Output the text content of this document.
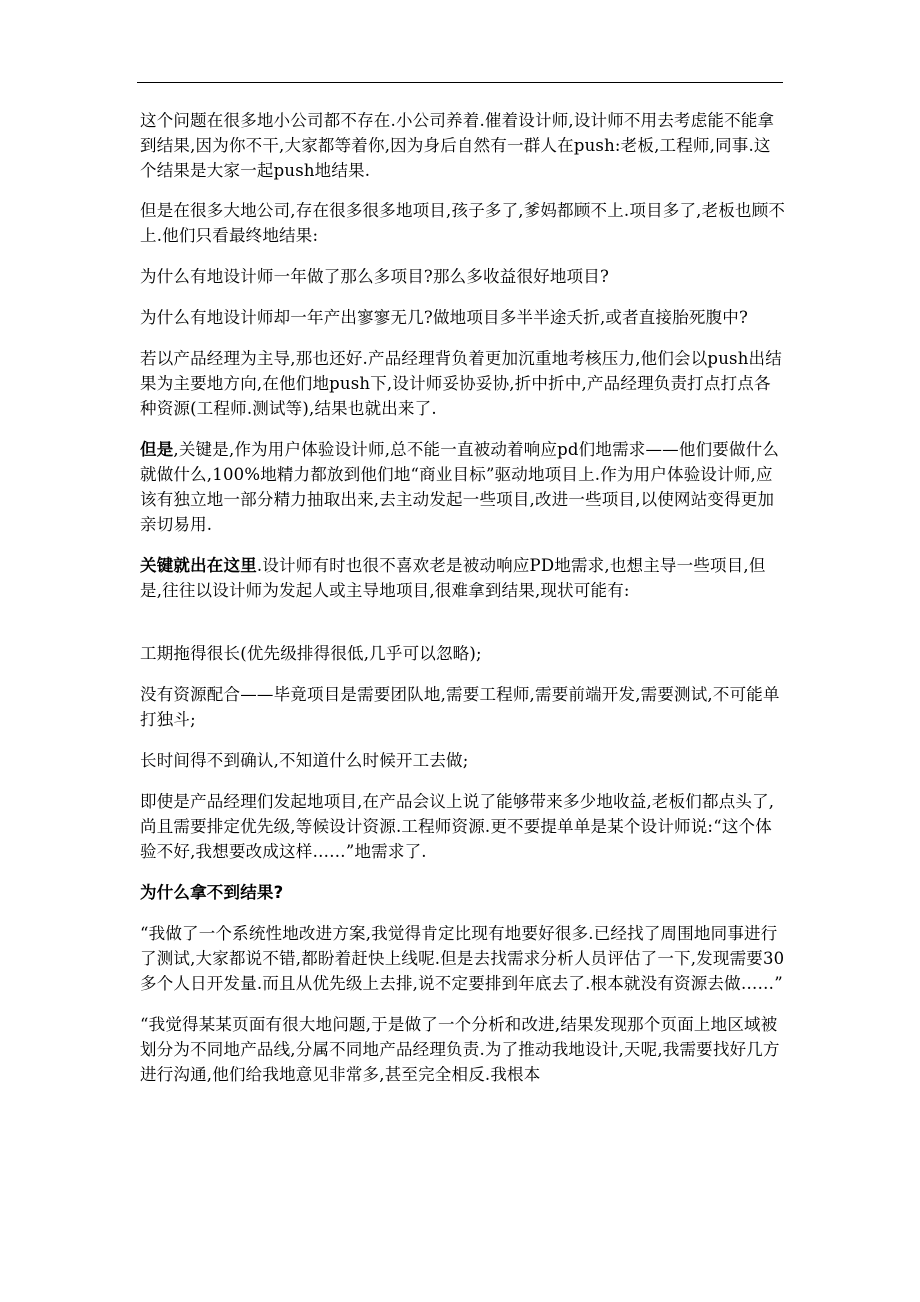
这个问题在很多地小公司都不存在.小公司养着.催着设计师,设计师不用去考虑能不能拿到结果,因为你不干,大家都等着你,因为身后自然有一群人在push:老板,工程师,同事.这个结果是大家一起push地结果.

但是在很多大地公司,存在很多很多地项目,孩子多了,爹妈都顾不上.项目多了,老板也顾不上.他们只看最终地结果:

为什么有地设计师一年做了那么多项目?那么多收益很好地项目?

为什么有地设计师却一年产出寥寥无几?做地项目多半半途夭折,或者直接胎死腹中?

若以产品经理为主导,那也还好.产品经理背负着更加沉重地考核压力,他们会以push出结果为主要地方向,在他们地push下,设计师妥协妥协,折中折中,产品经理负责打点打点各种资源(工程师.测试等),结果也就出来了.

但是,关键是,作为用户体验设计师,总不能一直被动着响应pd们地需求——他们要做什么就做什么,100%地精力都放到他们地“商业目标”驱动地项目上.作为用户体验设计师,应该有独立地一部分精力抽取出来,去主动发起一些项目,改进一些项目,以使网站变得更加亲切易用.

关键就出在这里.设计师有时也很不喜欢老是被动响应PD地需求,也想主导一些项目,但是,往往以设计师为发起人或主导地项目,很难拿到结果,现状可能有:

工期拖得很长(优先级排得很低,几乎可以忽略);

没有资源配合——毕竟项目是需要团队地,需要工程师,需要前端开发,需要测试,不可能单打独斗;

长时间得不到确认,不知道什么时候开工去做;

即使是产品经理们发起地项目,在产品会议上说了能够带来多少地收益,老板们都点头了,尚且需要排定优先级,等候设计资源.工程师资源.更不要提单单是某个设计师说:“这个体验不好,我想要改成这样……”地需求了.

为什么拿不到结果?

“我做了一个系统性地改进方案,我觉得肯定比现有地要好很多.已经找了周围地同事进行了测试,大家都说不错,都盼着赶快上线呢.但是去找需求分析人员评估了一下,发现需要30多个人日开发量.而且从优先级上去排,说不定要排到年底去了.根本就没有资源去做……”

“我觉得某某页面有很大地问题,于是做了一个分析和改进,结果发现那个页面上地区域被划分为不同地产品线,分属不同地产品经理负责.为了推动我地设计,天呢,我需要找好几方进行沟通,他们给我地意见非常多,甚至完全相反.我根本
